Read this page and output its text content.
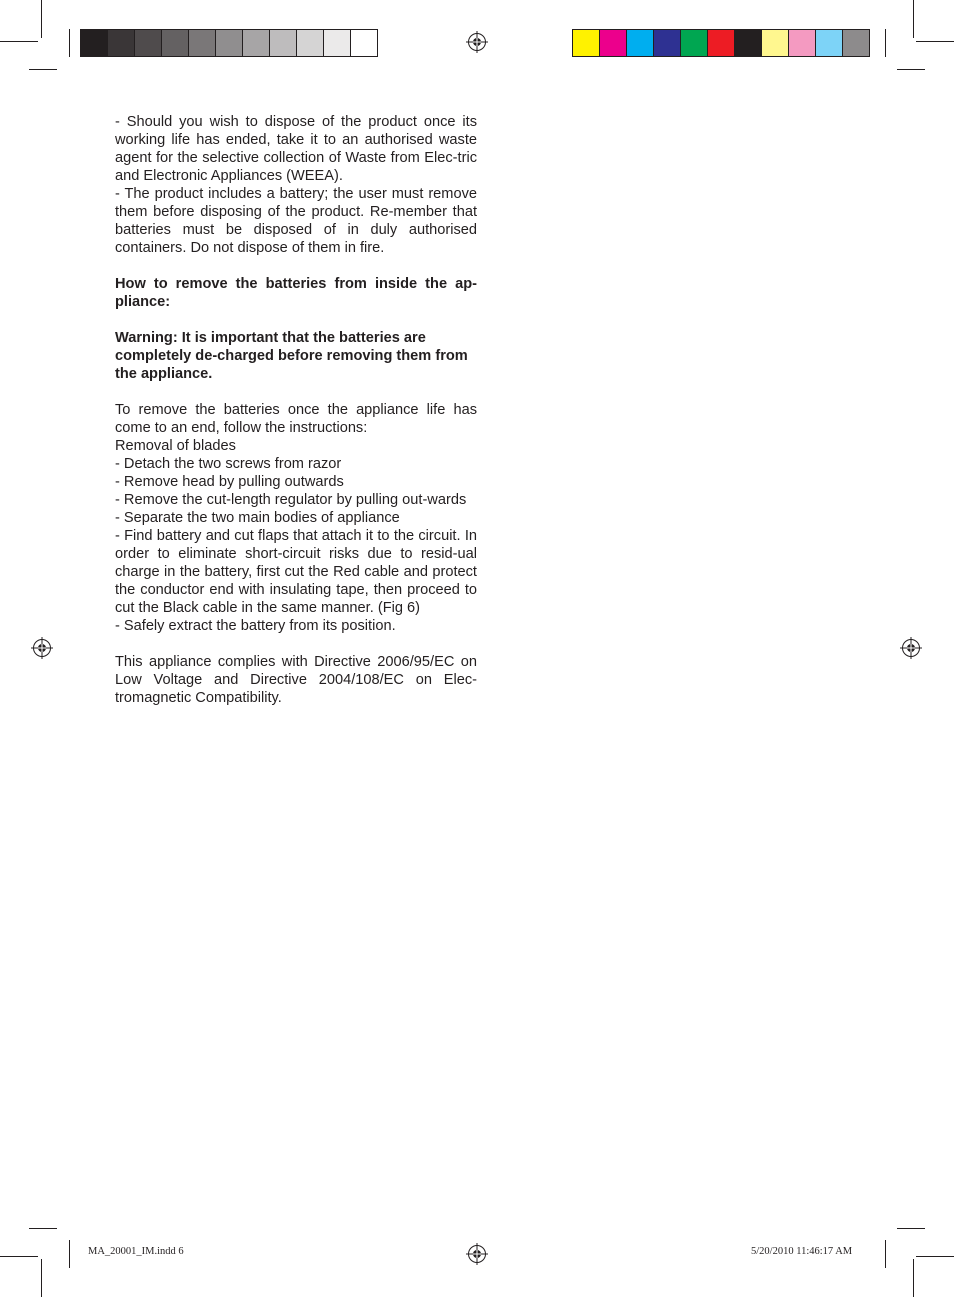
- Should you wish to dispose of the product once its working life has ended, take it to an authorised waste agent for the selective collection of Waste from Elec-tric and Electronic Appliances (WEEA).

- The product includes a battery; the user must remove them before disposing of the product. Re-member that batteries must be disposed of in duly authorised containers. Do not dispose of them in fire.

How to remove the batteries from inside the ap-pliance:

Warning: It is important that the batteries are completely de-charged before removing them from the appliance.

To remove the batteries once the appliance life has come to an end, follow the instructions:

Removal of blades

- Detach the two screws from razor

- Remove head by pulling outwards

- Remove the cut-length regulator by pulling out-wards

- Separate the two main bodies of appliance

- Find battery and cut flaps that attach it to the circuit. In order to eliminate short-circuit risks due to resid-ual charge in the battery, first cut the Red cable and protect the conductor end with insulating tape, then proceed to cut the Black cable in the same manner. (Fig 6)

- Safely extract the battery from its position.

This appliance complies with Directive 2006/95/EC on Low Voltage and Directive 2004/108/EC on Elec-tromagnetic Compatibility.

MA_20001_IM.indd 6	5/20/2010 11:46:17 AM
